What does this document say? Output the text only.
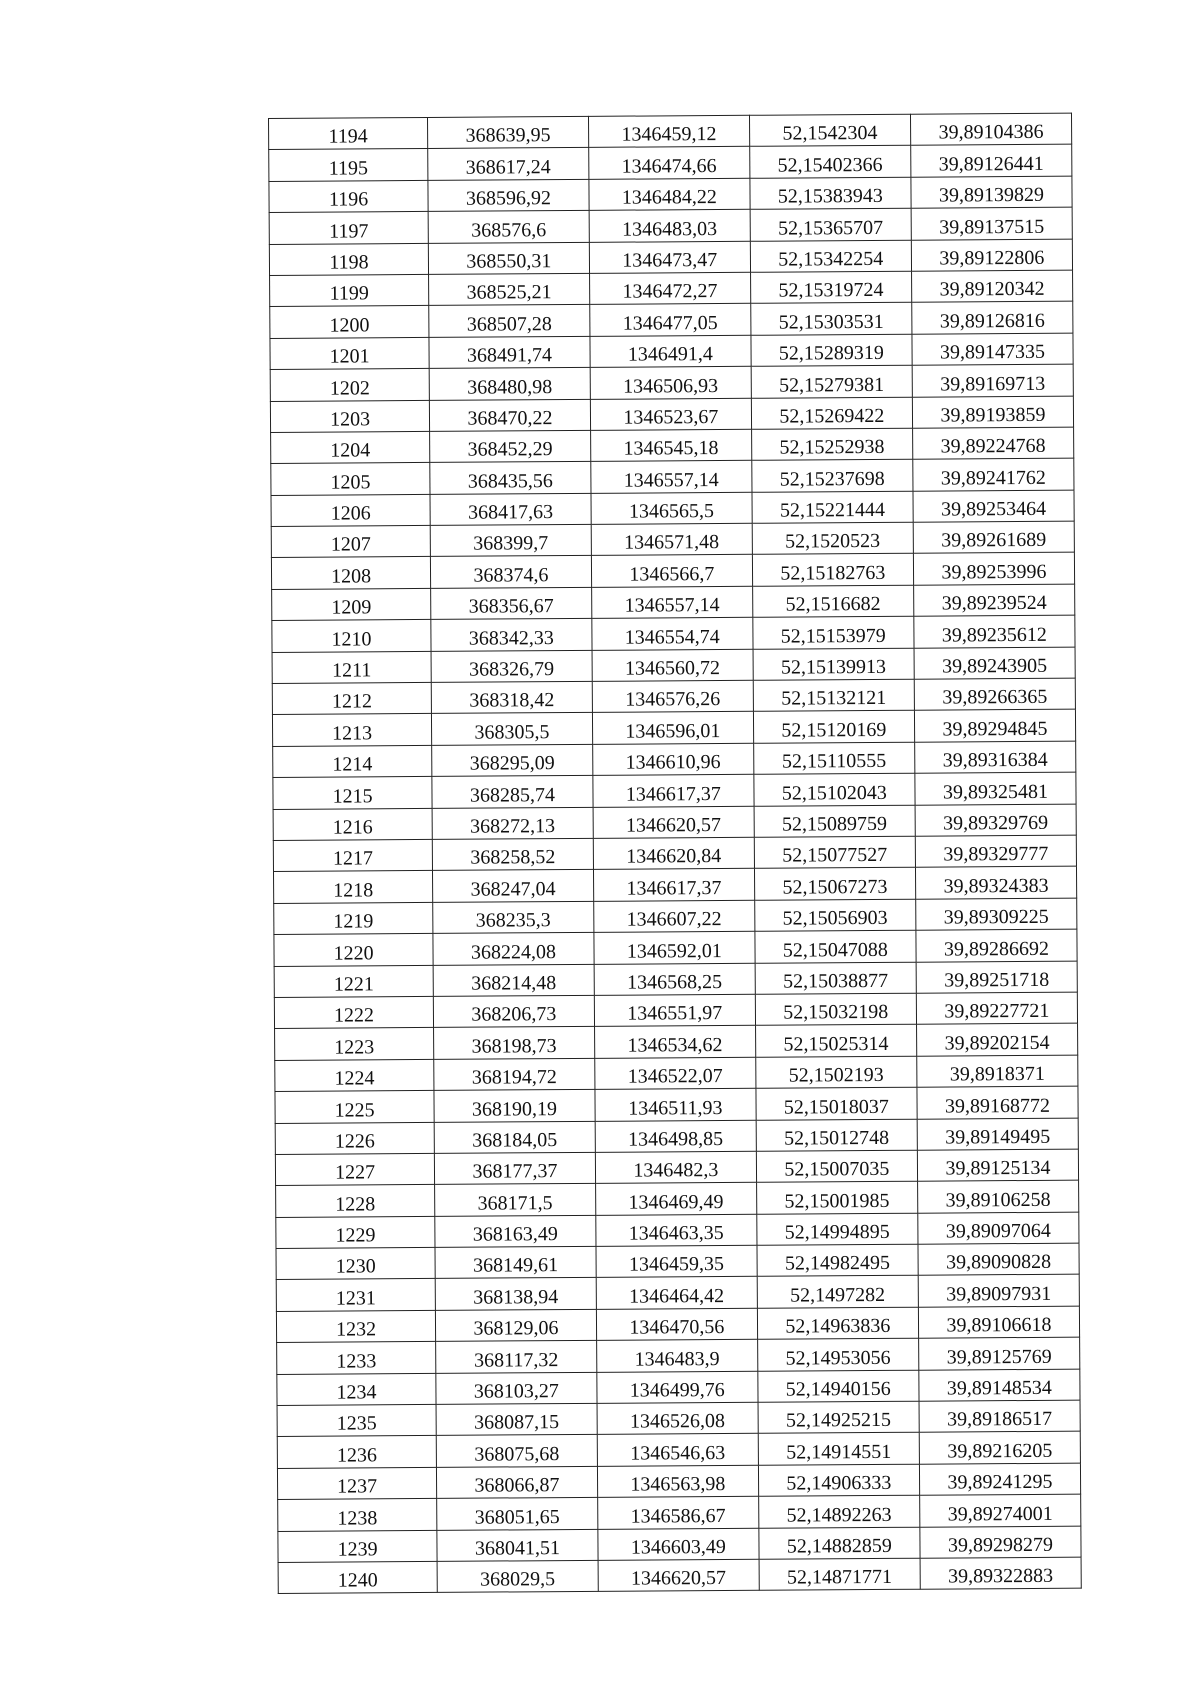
1194	368639,95	1346459,12	52,1542304	39,89104386
1195	368617,24	1346474,66	52,15402366	39,89126441
1196	368596,92	1346484,22	52,15383943	39,89139829
1197	368576,6	1346483,03	52,15365707	39,89137515
1198	368550,31	1346473,47	52,15342254	39,89122806
1199	368525,21	1346472,27	52,15319724	39,89120342
1200	368507,28	1346477,05	52,15303531	39,89126816
1201	368491,74	1346491,4	52,15289319	39,89147335
1202	368480,98	1346506,93	52,15279381	39,89169713
1203	368470,22	1346523,67	52,15269422	39,89193859
1204	368452,29	1346545,18	52,15252938	39,89224768
1205	368435,56	1346557,14	52,15237698	39,89241762
1206	368417,63	1346565,5	52,15221444	39,89253464
1207	368399,7	1346571,48	52,1520523	39,89261689
1208	368374,6	1346566,7	52,15182763	39,89253996
1209	368356,67	1346557,14	52,1516682	39,89239524
1210	368342,33	1346554,74	52,15153979	39,89235612
1211	368326,79	1346560,72	52,15139913	39,89243905
1212	368318,42	1346576,26	52,15132121	39,89266365
1213	368305,5	1346596,01	52,15120169	39,89294845
1214	368295,09	1346610,96	52,15110555	39,89316384
1215	368285,74	1346617,37	52,15102043	39,89325481
1216	368272,13	1346620,57	52,15089759	39,89329769
1217	368258,52	1346620,84	52,15077527	39,89329777
1218	368247,04	1346617,37	52,15067273	39,89324383
1219	368235,3	1346607,22	52,15056903	39,89309225
1220	368224,08	1346592,01	52,15047088	39,89286692
1221	368214,48	1346568,25	52,15038877	39,89251718
1222	368206,73	1346551,97	52,15032198	39,89227721
1223	368198,73	1346534,62	52,15025314	39,89202154
1224	368194,72	1346522,07	52,1502193	39,8918371
1225	368190,19	1346511,93	52,15018037	39,89168772
1226	368184,05	1346498,85	52,15012748	39,89149495
1227	368177,37	1346482,3	52,15007035	39,89125134
1228	368171,5	1346469,49	52,15001985	39,89106258
1229	368163,49	1346463,35	52,14994895	39,89097064
1230	368149,61	1346459,35	52,14982495	39,89090828
1231	368138,94	1346464,42	52,1497282	39,89097931
1232	368129,06	1346470,56	52,14963836	39,89106618
1233	368117,32	1346483,9	52,14953056	39,89125769
1234	368103,27	1346499,76	52,14940156	39,89148534
1235	368087,15	1346526,08	52,14925215	39,89186517
1236	368075,68	1346546,63	52,14914551	39,89216205
1237	368066,87	1346563,98	52,14906333	39,89241295
1238	368051,65	1346586,67	52,14892263	39,89274001
1239	368041,51	1346603,49	52,14882859	39,89298279
1240	368029,5	1346620,57	52,14871771	39,89322883
